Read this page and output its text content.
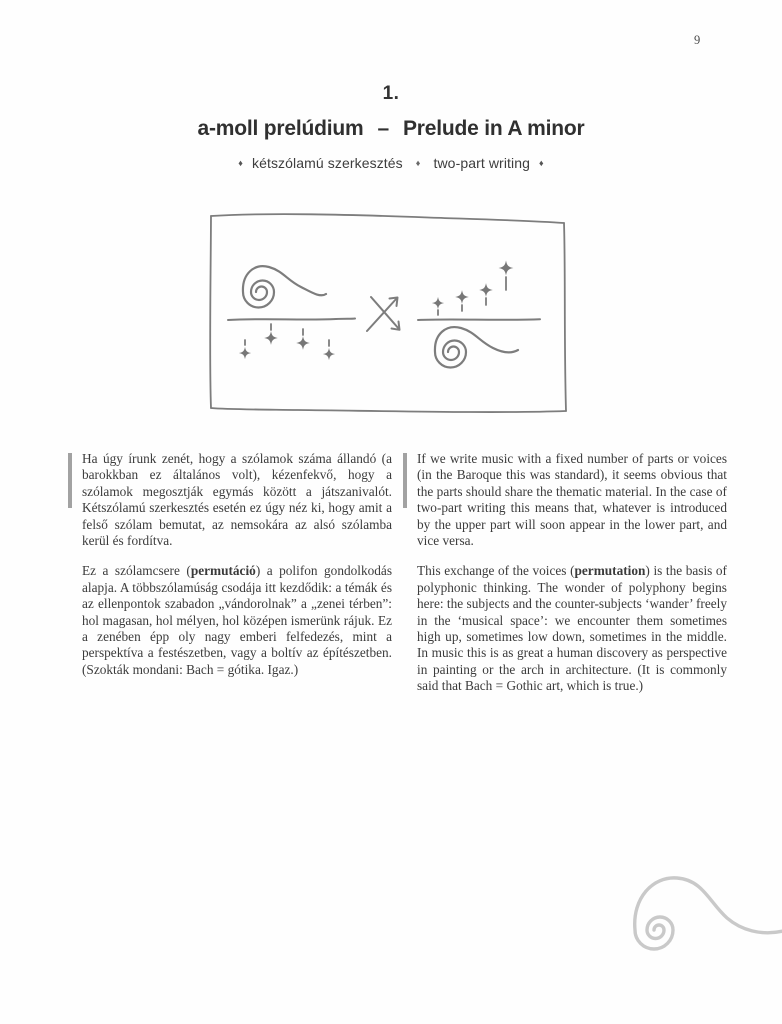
9
1.
a-moll prelúdium – Prelude in A minor
♦ kétszólamú szerkesztés ♦ two-part writing ♦

Ha úgy írunk zenét, hogy a szólamok száma állandó (a barokkban ez általános volt), kézenfekvő, hogy a szólamok megosztják egymás között a játszanivalót. Kétszólamú szerkesztés esetén ez úgy néz ki, hogy amit a felső szólam bemutat, az nemsokára az alsó szólamba kerül és fordítva.

Ez a szólamcsere (permutáció) a polifon gondolkodás alapja. A többszólamúság csodája itt kezdődik: a témák és az ellenpontok szabadon „vándorolnak” a „zenei térben”: hol magasan, hol mélyen, hol középen ismerünk rájuk. Ez a zenében épp oly nagy emberi felfedezés, mint a perspektíva a festészetben, vagy a boltív az építészetben. (Szokták mondani: Bach = gótika. Igaz.)

If we write music with a fixed number of parts or voices (in the Baroque this was standard), it seems obvious that the parts should share the thematic material. In the case of two-part writing this means that, whatever is introduced by the upper part will soon appear in the lower part, and vice versa.

This exchange of the voices (permutation) is the basis of polyphonic thinking. The wonder of polyphony begins here: the subjects and the counter-subjects ‘wander’ freely in the ‘musical space’: we encounter them sometimes high up, sometimes low down, sometimes in the middle. In music this is as great a human discovery as perspective in painting or the arch in architecture. (It is commonly said that Bach = Gothic art, which is true.)
